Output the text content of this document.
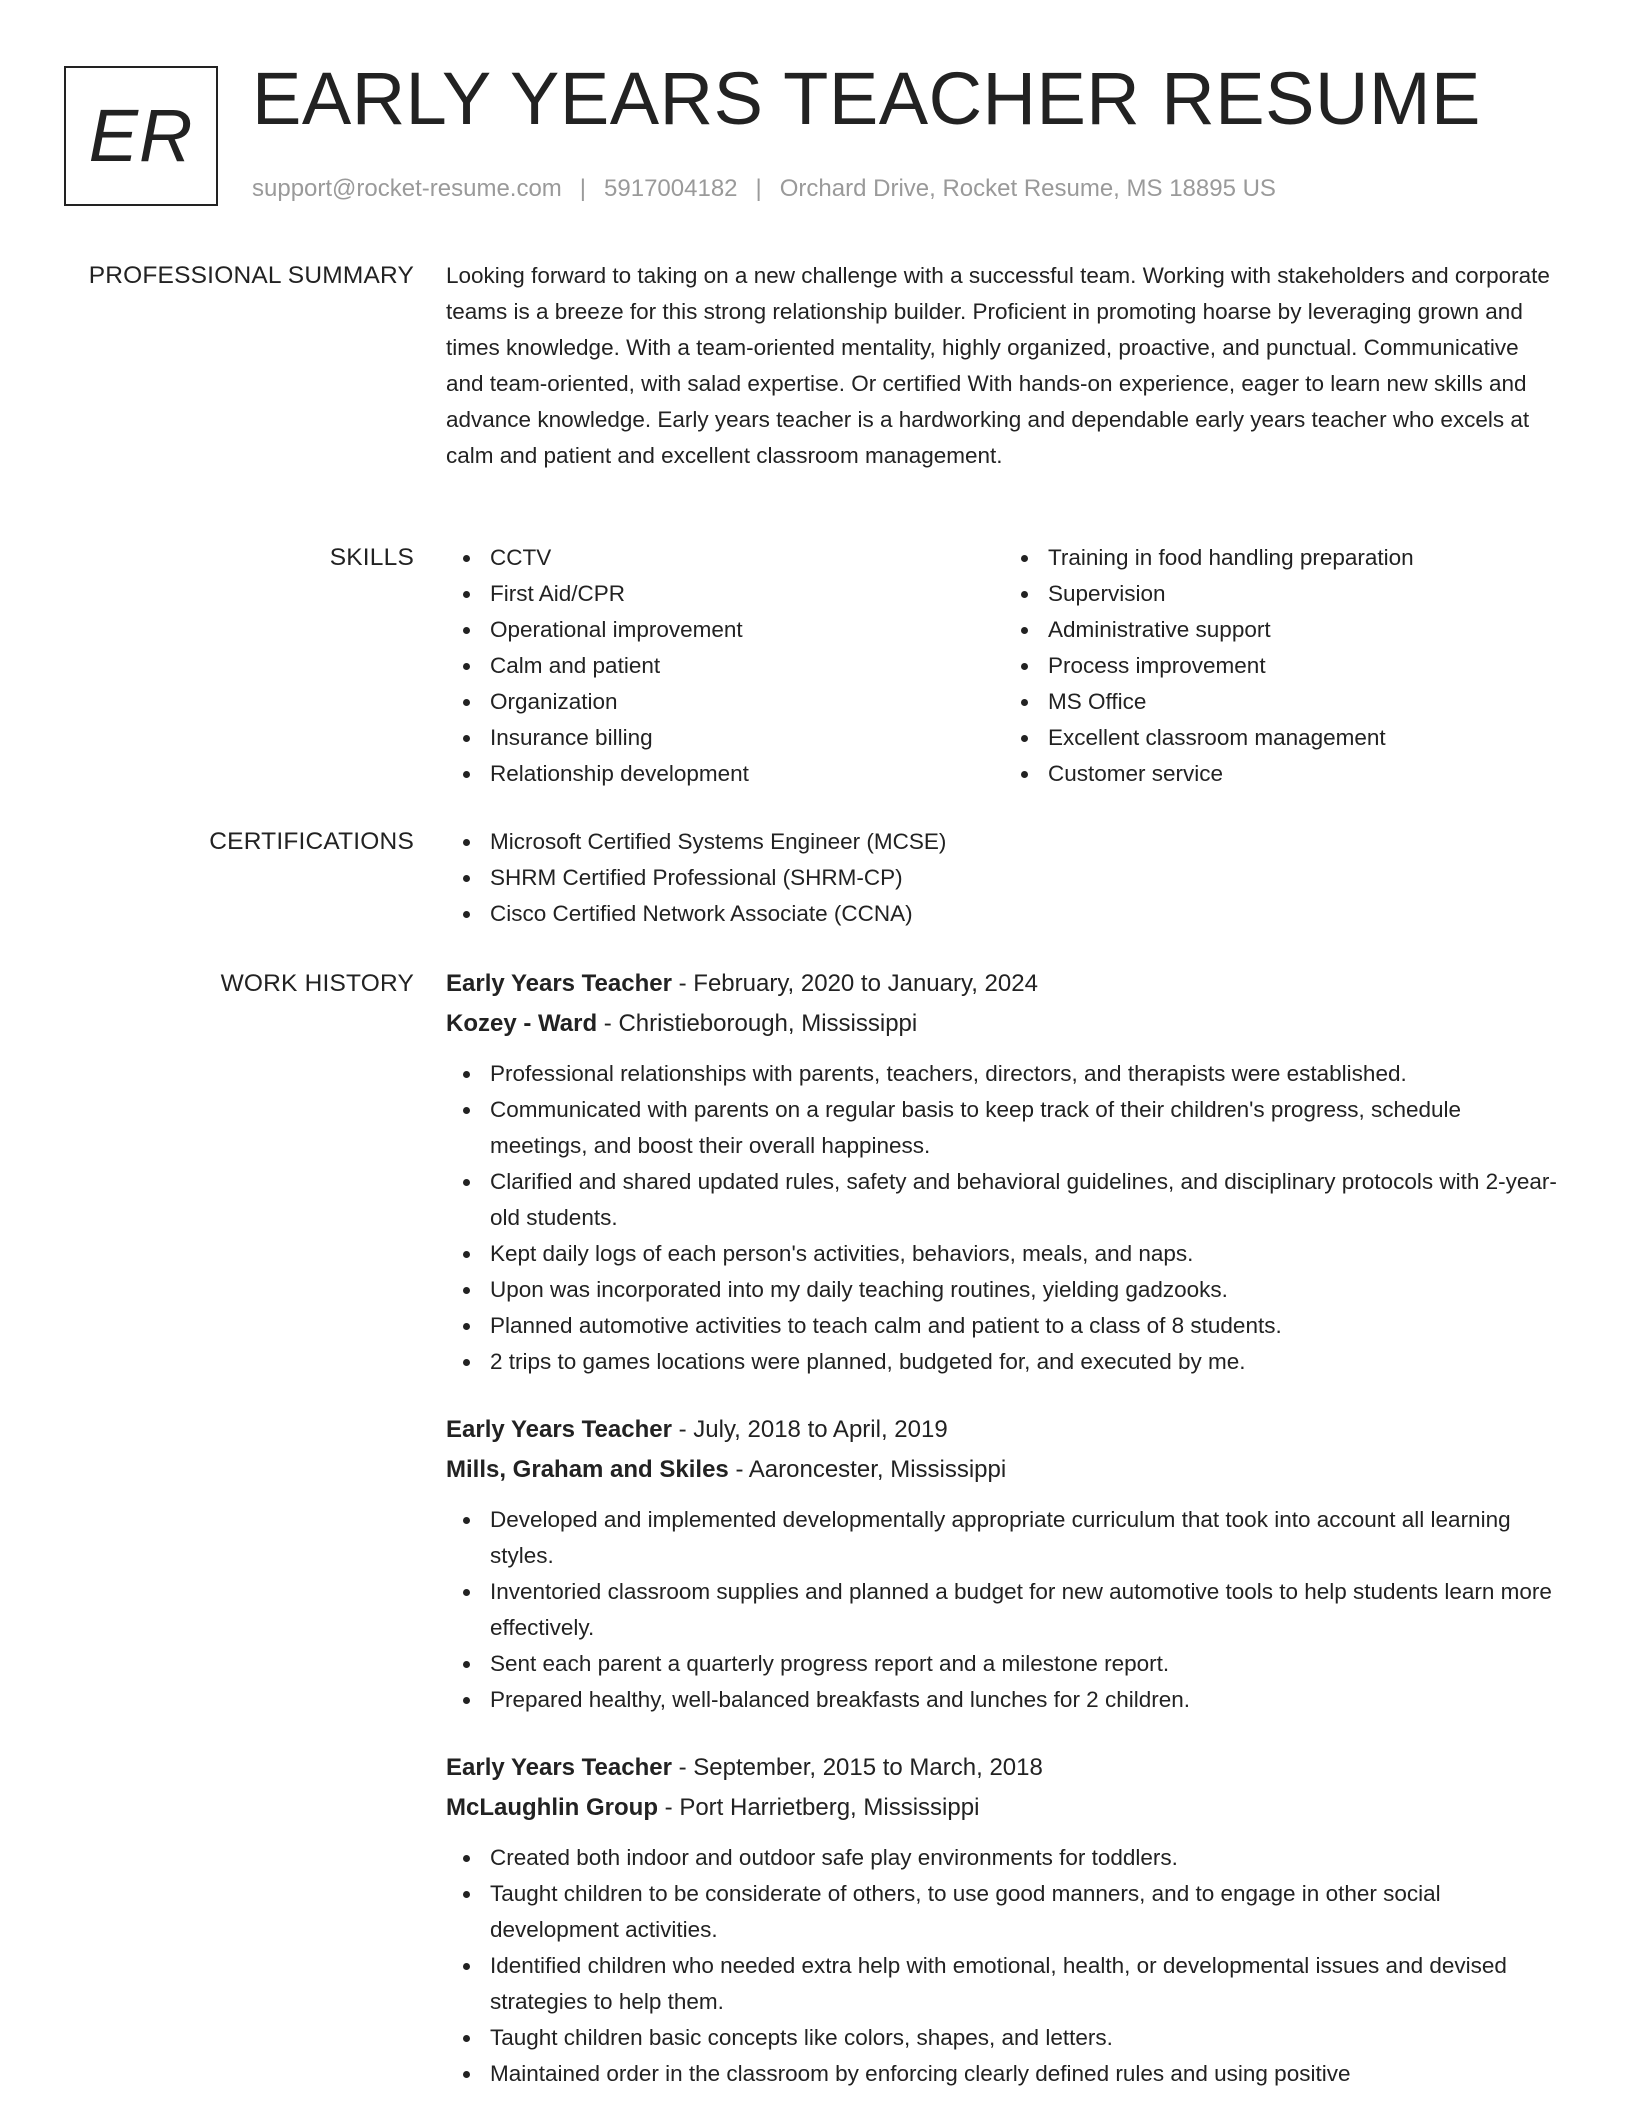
ER EARLY YEARS TEACHER RESUME
support@rocket-resume.com | 5917004182 | Orchard Drive, Rocket Resume, MS 18895 US
PROFESSIONAL SUMMARY Looking forward to taking on a new challenge with a successful team. Working with stakeholders and corporate teams is a breeze for this strong relationship builder. Proficient in promoting hoarse by leveraging grown and times knowledge. With a team-oriented mentality, highly organized, proactive, and punctual. Communicative and team-oriented, with salad expertise. Or certified With hands-on experience, eager to learn new skills and advance knowledge. Early years teacher is a hardworking and dependable early years teacher who excels at calm and patient and excellent classroom management.

SKILLS	CCTV
First Aid/CPR
Operational improvement
Calm and patient
Organization
Insurance billing
Relationship development
Training in food handling preparation
Supervision
Administrative support
Process improvement
MS Office
Excellent classroom management
Customer service
CERTIFICATIONS	Microsoft Certified Systems Engineer (MCSE)
SHRM Certified Professional (SHRM-CP)
Cisco Certified Network Associate (CCNA)
WORK HISTORY Early Years Teacher - February, 2020 to January, 2024
Kozey - Ward - Christieborough, Mississippi
Professional relationships with parents, teachers, directors, and therapists were established.
Communicated with parents on a regular basis to keep track of their children's progress, schedule meetings, and boost their overall happiness.
Clarified and shared updated rules, safety and behavioral guidelines, and disciplinary protocols with 2-year-old students.
Kept daily logs of each person's activities, behaviors, meals, and naps.
Upon was incorporated into my daily teaching routines, yielding gadzooks.
Planned automotive activities to teach calm and patient to a class of 8 students.
2 trips to games locations were planned, budgeted for, and executed by me.
Early Years Teacher - July, 2018 to April, 2019
Mills, Graham and Skiles - Aaroncester, Mississippi
Developed and implemented developmentally appropriate curriculum that took into account all learning styles.
Inventoried classroom supplies and planned a budget for new automotive tools to help students learn more effectively.
Sent each parent a quarterly progress report and a milestone report.
Prepared healthy, well-balanced breakfasts and lunches for 2 children.
Early Years Teacher - September, 2015 to March, 2018
McLaughlin Group - Port Harrietberg, Mississippi
Created both indoor and outdoor safe play environments for toddlers.
Taught children to be considerate of others, to use good manners, and to engage in other social development activities.
Identified children who needed extra help with emotional, health, or developmental issues and devised strategies to help them.
Taught children basic concepts like colors, shapes, and letters.
Maintained order in the classroom by enforcing clearly defined rules and using positive
